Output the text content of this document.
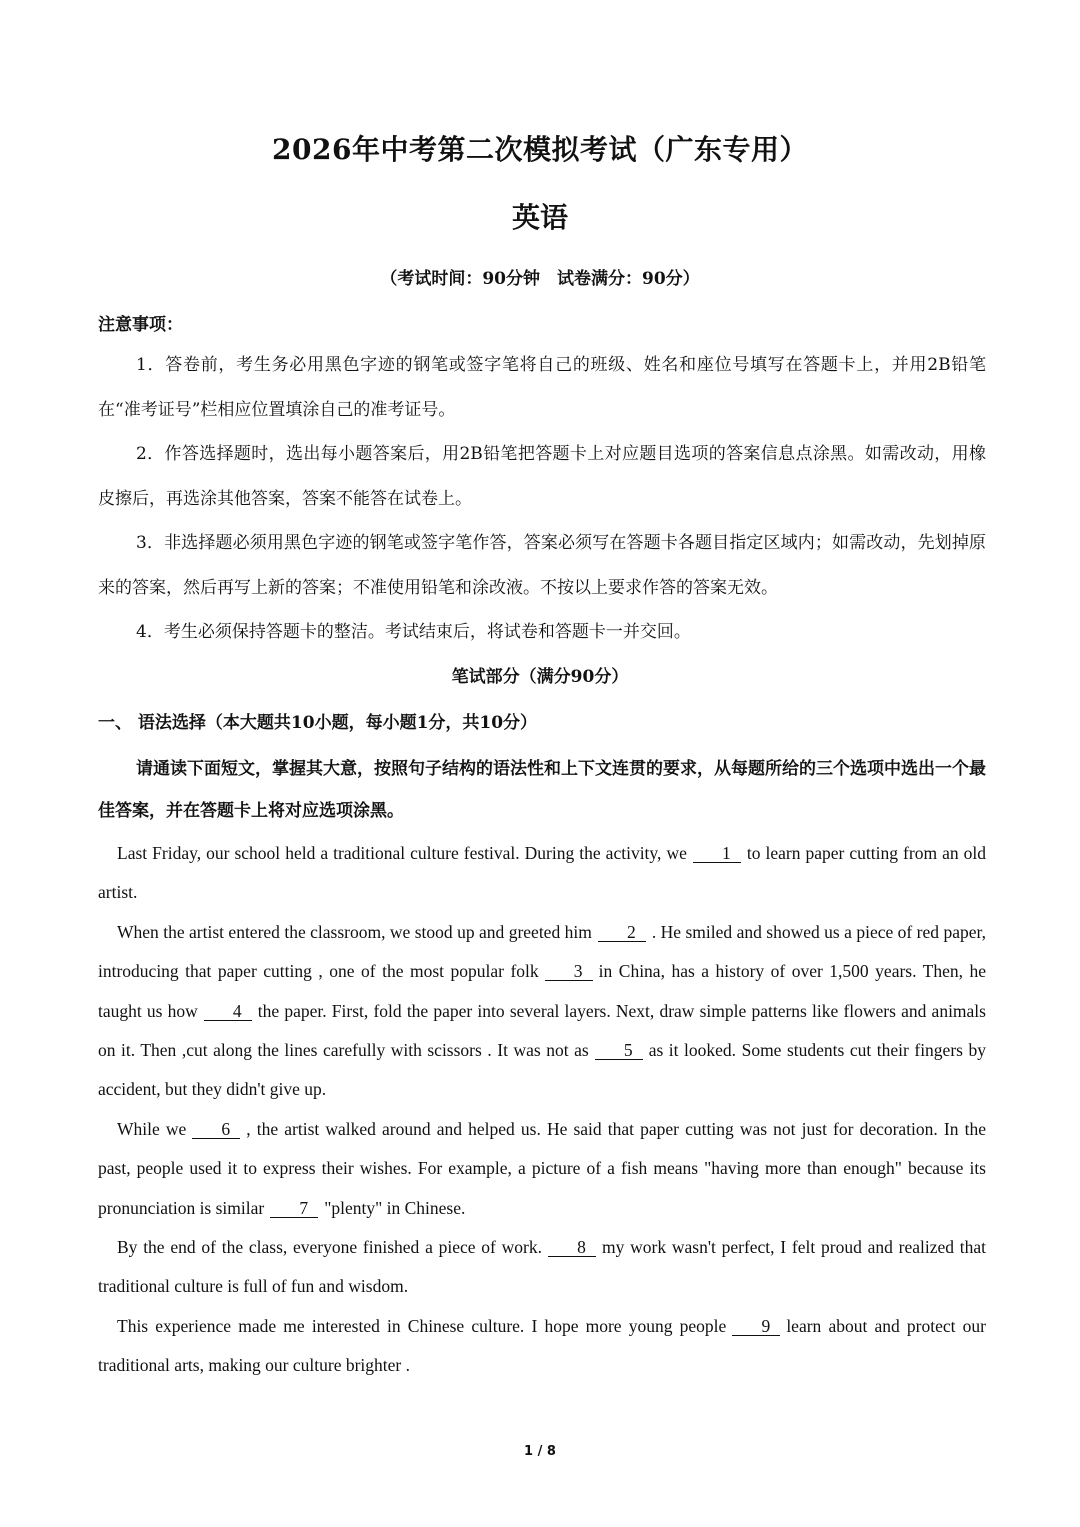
2026年中考第二次模拟考试（广东专用）
英语
（考试时间：90分钟　试卷满分：90分）
注意事项：

1．答卷前，考生务必用黑色字迹的钢笔或签字笔将自己的班级、姓名和座位号填写在答题卡上，并用2B铅笔在“准考证号”栏相应位置填涂自己的准考证号。

2．作答选择题时，选出每小题答案后，用2B铅笔把答题卡上对应题目选项的答案信息点涂黑。如需改动，用橡皮擦后，再选涂其他答案，答案不能答在试卷上。

3．非选择题必须用黑色字迹的钢笔或签字笔作答，答案必须写在答题卡各题目指定区域内；如需改动，先划掉原来的答案，然后再写上新的答案；不准使用铅笔和涂改液。不按以上要求作答的答案无效。

4．考生必须保持答题卡的整洁。考试结束后，将试卷和答题卡一并交回。

笔试部分（满分90分）
一、 语法选择（本大题共10小题，每小题1分，共10分）

请通读下面短文，掌握其大意，按照句子结构的语法性和上下文连贯的要求，从每题所给的三个选项中选出一个最佳答案，并在答题卡上将对应选项涂黑。

Last Friday, our school held a traditional culture festival. During the activity, we 1 to learn paper cutting from an old artist.

When the artist entered the classroom, we stood up and greeted him 2 . He smiled and showed us a piece of red paper, introducing that paper cutting , one of the most popular folk 3 in China, has a history of over 1,500 years. Then, he taught us how 4 the paper. First, fold the paper into several layers. Next, draw simple patterns like flowers and animals on it. Then ,cut along the lines carefully with scissors . It was not as 5 as it looked. Some students cut their fingers by accident, but they didn't give up.

While we 6 , the artist walked around and helped us. He said that paper cutting was not just for decoration. In the past, people used it to express their wishes. For example, a picture of a fish means "having more than enough" because its pronunciation is similar 7 "plenty" in Chinese.

By the end of the class, everyone finished a piece of work. 8 my work wasn't perfect, I felt proud and realized that traditional culture is full of fun and wisdom.

This experience made me interested in Chinese culture. I hope more young people 9 learn about and protect our traditional arts, making our culture brighter .

1 / 8
